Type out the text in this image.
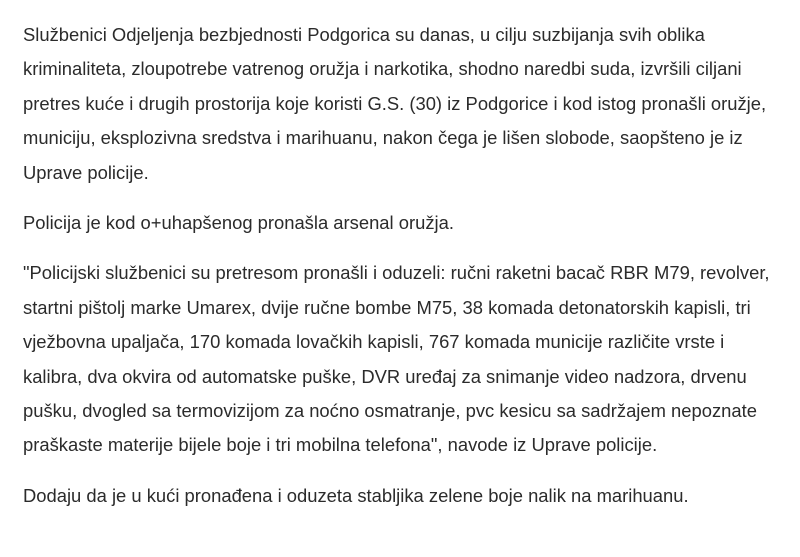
Službenici Odjeljenja bezbjednosti Podgorica su danas, u cilju suzbijanja svih oblika kriminaliteta, zloupotrebe vatrenog oružja i narkotika, shodno naredbi suda, izvršili ciljani pretres kuće i drugih prostorija koje koristi G.S. (30) iz Podgorice i kod istog pronašli oružje, municiju, eksplozivna sredstva i marihuanu, nakon čega je lišen slobode, saopšteno je iz Uprave policije.

Policija je kod o+uhapšenog pronašla arsenal oružja.

"Policijski službenici su pretresom pronašli i oduzeli: ručni raketni bacač RBR M79, revolver, startni pištolj marke Umarex, dvije ručne bombe M75, 38 komada detonatorskih kapisli, tri vježbovna upaljača, 170 komada lovačkih kapisli, 767 komada municije različite vrste i kalibra, dva okvira od automatske puške, DVR uređaj za snimanje video nadzora, drvenu pušku, dvogled sa termovizijom za noćno osmatranje, pvc kesicu sa sadržajem nepoznate praškaste materije bijele boje i tri mobilna telefona", navode iz Uprave policije.

Dodaju da je u kući pronađena i oduzeta stabljika zelene boje nalik na marihuanu.
